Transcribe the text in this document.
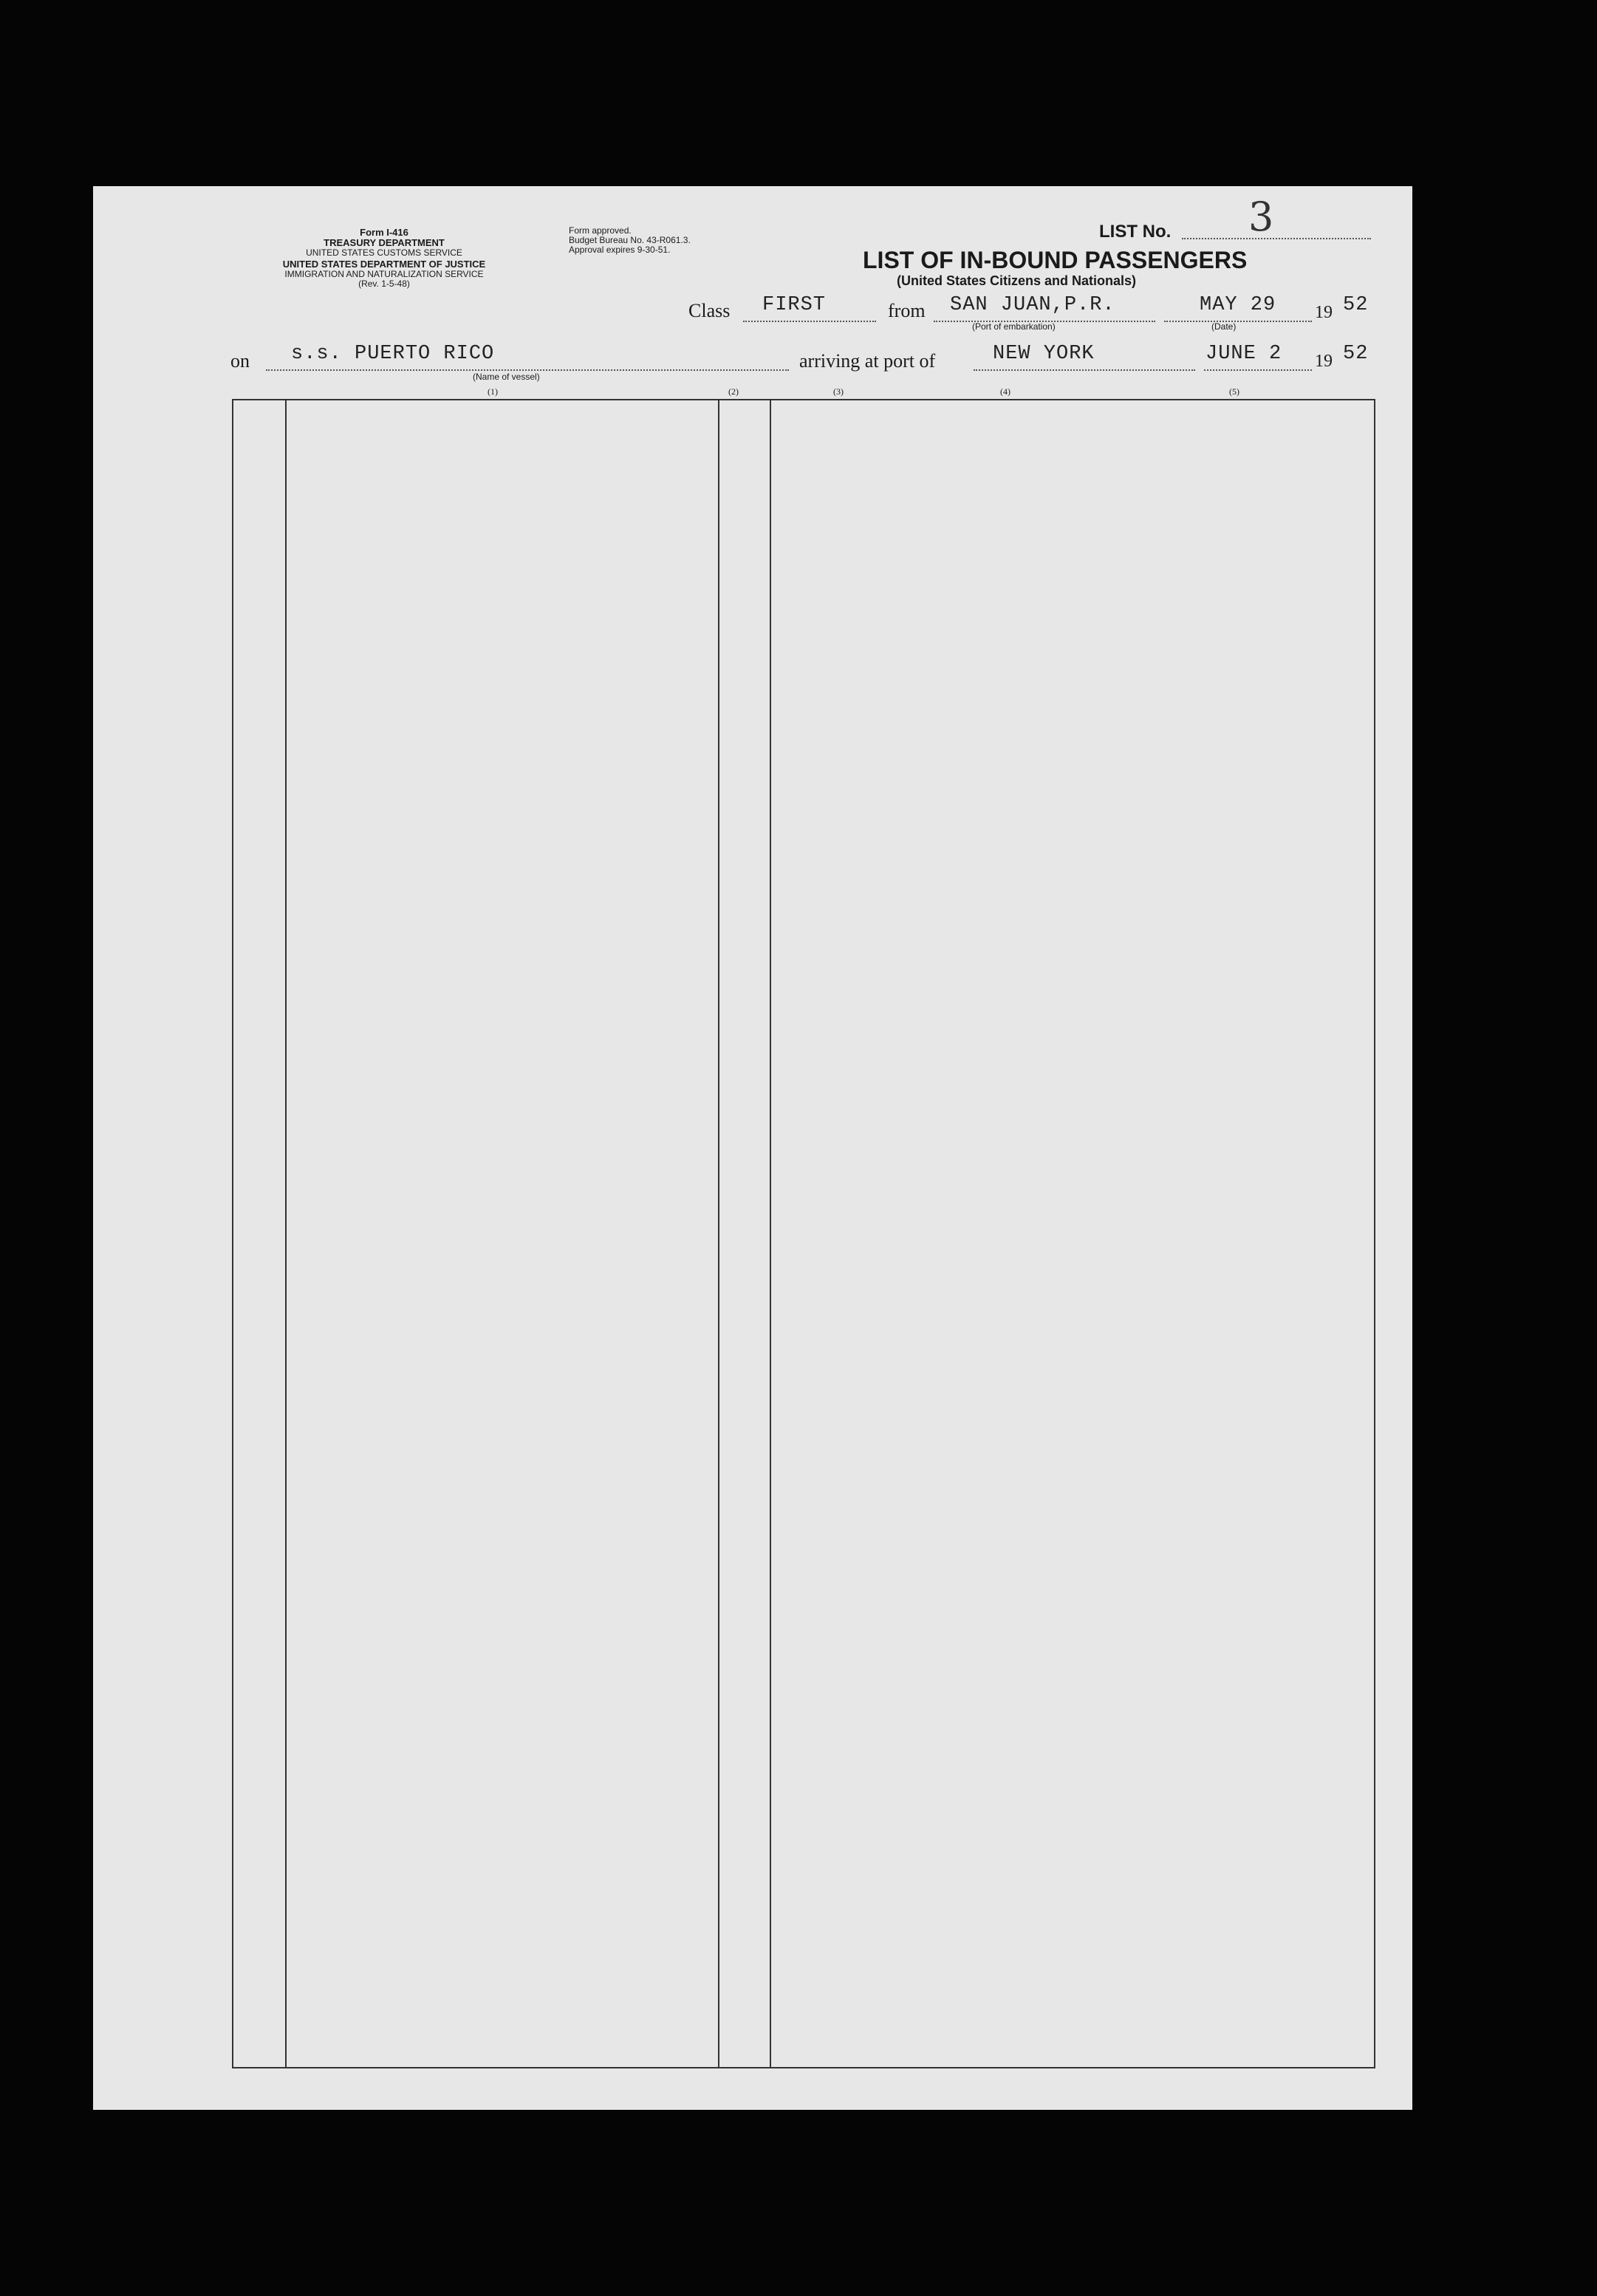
Form I-416
TREASURY DEPARTMENT
UNITED STATES CUSTOMS SERVICE
UNITED STATES DEPARTMENT OF JUSTICE
IMMIGRATION AND NATURALIZATION SERVICE
(Rev. 1-5-48)
Form approved.
Budget Bureau No. 43-R061.3.
Approval expires 9-30-51.
LIST No. 3
LIST OF IN-BOUND PASSENGERS
(United States Citizens and Nationals)
Class FIRST	from SAN JUAN,P.R.
(Port of embarkation)
MAY 29
(Date)
19 52
on s.s. PUERTO RICO
(Name of vessel)
arriving at port of	NEW YORK	JUNE 2 19 52
(1)	(2)	(3)	(4)	(5)
